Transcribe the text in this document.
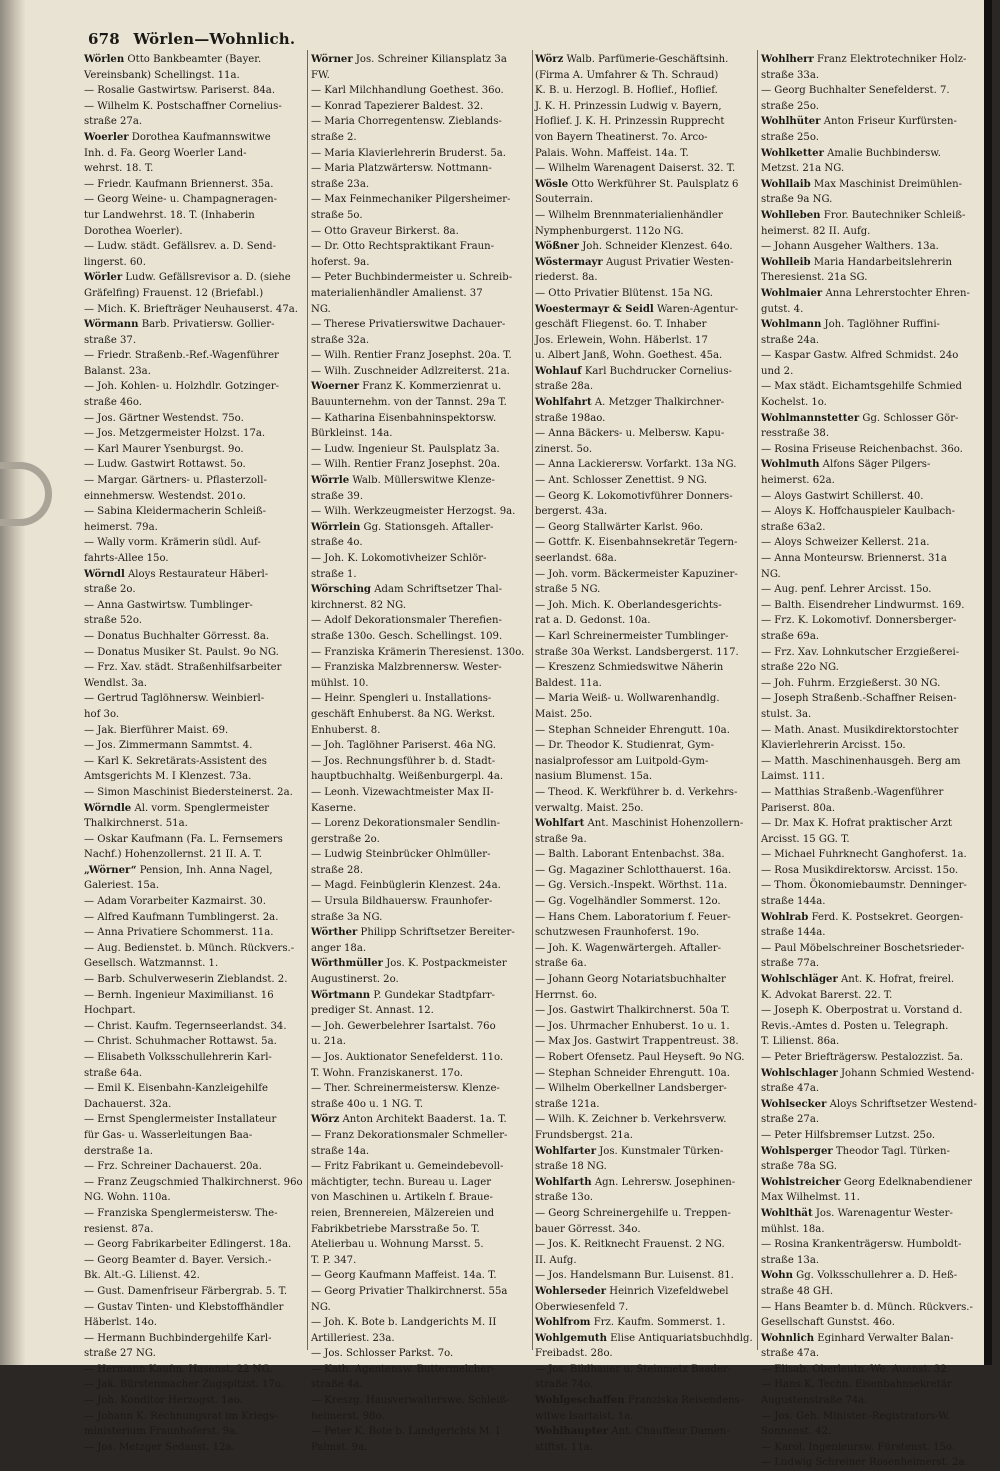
678 Wörlen—Wohnlich.

Wörlen Otto Bankbeamter (Bayer.

Vereinsbank) Schellingst. 11a.

— Rosalie Gastwirtsw. Pariserst. 84a.

— Wilhelm K. Postschaffner Cornelius-

straße 27a.

Woerler Dorothea Kaufmannswitwe

Inh. d. Fa. Georg Woerler Land-

wehrst. 18. T.

— Friedr. Kaufmann Briennerst. 35a.

— Georg Weine- u. Champagneragen-

tur Landwehrst. 18. T. (Inhaberin

Dorothea Woerler).

— Ludw. städt. Gefällsrev. a. D. Send-

lingerst. 60.

Wörler Ludw. Gefällsrevisor a. D. (siehe

Gräfelfing) Frauenst. 12 (Briefabl.)

— Mich. K. Briefträger Neuhauserst. 47a.

Wörmann Barb. Privatiersw. Gollier-

straße 37.

— Friedr. Straßenb.-Ref.-Wagenführer

Balanst. 23a.

— Joh. Kohlen- u. Holzhdlr. Gotzinger-

straße 46o.

— Jos. Gärtner Westendst. 75o.

— Jos. Metzgermeister Holzst. 17a.

— Karl Maurer Ysenburgst. 9o.

— Ludw. Gastwirt Rottawst. 5o.

— Margar. Gärtners- u. Pflasterzoll-

einnehmersw. Westendst. 201o.

— Sabina Kleidermacherin Schleiß-

heimerst. 79a.

— Wally vorm. Krämerin südl. Auf-

fahrts-Allee 15o.

Wörndl Aloys Restaurateur Häberl-

straße 2o.

— Anna Gastwirtsw. Tumblinger-

straße 52o.

— Donatus Buchhalter Görresst. 8a.

— Donatus Musiker St. Paulst. 9o NG.

— Frz. Xav. städt. Straßenhilfsarbeiter

Wendlst. 3a.

— Gertrud Taglöhnersw. Weinbierl-

hof 3o.

— Jak. Bierführer Maist. 69.

— Jos. Zimmermann Sammtst. 4.

— Karl K. Sekretärats-Assistent des

Amtsgerichts M. I Klenzest. 73a.

— Simon Maschinist Biedersteinerst. 2a.

Wörndle Al. vorm. Spenglermeister

Thalkirchnerst. 51a.

— Oskar Kaufmann (Fa. L. Fernsemers

Nachf.) Hohenzollernst. 21 II. A. T.

„Wörner“ Pension, Inh. Anna Nagel,

Galeriest. 15a.

— Adam Vorarbeiter Kazmairst. 30.

— Alfred Kaufmann Tumblingerst. 2a.

— Anna Privatiere Schommerst. 11a.

— Aug. Bedienstet. b. Münch. Rückvers.-

Gesellsch. Watzmannst. 1.

— Barb. Schulverweserin Zieblandst. 2.

— Bernh. Ingenieur Maximilianst. 16

Hochpart.

— Christ. Kaufm. Tegernseerlandst. 34.

— Christ. Schuhmacher Rottawst. 5a.

— Elisabeth Volksschullehrerin Karl-

straße 64a.

— Emil K. Eisenbahn-Kanzleigehilfe

Dachauerst. 32a.

— Ernst Spenglermeister Installateur

für Gas- u. Wasserleitungen Baa-

derstraße 1a.

— Frz. Schreiner Dachauerst. 20a.

— Franz Zeugschmied Thalkirchnerst. 96o

NG. Wohn. 110a.

— Franziska Spenglermeistersw. The-

resienst. 87a.

— Georg Fabrikarbeiter Edlingerst. 18a.

— Georg Beamter d. Bayer. Versich.-

Bk. Alt.-G. Lilienst. 42.

— Gust. Damenfriseur Färbergrab. 5. T.

— Gustav Tinten- und Klebstoffhändler

Häberlst. 14o.

— Hermann Buchbindergehilfe Karl-

straße 27 NG.

— Hermann Kaufm. Hasenst. 22 NG.

— Jak. Bürstenmacher Zugspitzst. 17o.

— Joh. Konditor Herzogst. 1ao.

— Johann K. Rechnungsrat im Kriegs-

ministerium Fraunhoferst. 9a.

— Jos. Metzger Sedanst. 12a.

Wörner Jos. Schreiner Kiliansplatz 3a

FW.

— Karl Milchhandlung Goethest. 36o.

— Konrad Tapezierer Baldest. 32.

— Maria Chorregentensw. Zieblands-

straße 2.

— Maria Klavierlehrerin Bruderst. 5a.

— Maria Platzwärtersw. Nottmann-

straße 23a.

— Max Feinmechaniker Pilgersheimer-

straße 5o.

— Otto Graveur Birkerst. 8a.

— Dr. Otto Rechtspraktikant Fraun-

hoferst. 9a.

— Peter Buchbindermeister u. Schreib-

materialienhändler Amalienst. 37

NG.

— Therese Privatierswitwe Dachauer-

straße 32a.

— Wilh. Rentier Franz Josephst. 20a. T.

— Wilh. Zuschneider Adlzreiterst. 21a.

Woerner Franz K. Kommerzienrat u.

Bauunternehm. von der Tannst. 29a T.

— Katharina Eisenbahninspektorsw.

Bürkleinst. 14a.

— Ludw. Ingenieur St. Paulsplatz 3a.

— Wilh. Rentier Franz Josephst. 20a.

Wörrle Walb. Müllerswitwe Klenze-

straße 39.

— Wilh. Werkzeugmeister Herzogst. 9a.

Wörrlein Gg. Stationsgeh. Aftaller-

straße 4o.

— Joh. K. Lokomotivheizer Schlör-

straße 1.

Wörsching Adam Schriftsetzer Thal-

kirchnerst. 82 NG.

— Adolf Dekorationsmaler Therefien-

straße 130o. Gesch. Schellingst. 109.

— Franziska Krämerin Theresienst. 130o.

— Franziska Malzbrennersw. Wester-

mühlst. 10.

— Heinr. Spengleri u. Installations-

geschäft Enhuberst. 8a NG. Werkst.

Enhuberst. 8.

— Joh. Taglöhner Pariserst. 46a NG.

— Jos. Rechnungsführer b. d. Stadt-

hauptbuchhaltg. Weißenburgerpl. 4a.

— Leonh. Vizewachtmeister Max II-

Kaserne.

— Lorenz Dekorationsmaler Sendlin-

gerstraße 2o.

— Ludwig Steinbrücker Ohlmüller-

straße 28.

— Magd. Feinbüglerin Klenzest. 24a.

— Ursula Bildhauersw. Fraunhofer-

straße 3a NG.

Wörther Philipp Schriftsetzer Bereiter-

anger 18a.

Wörthmüller Jos. K. Postpackmeister

Augustinerst. 2o.

Wörtmann P. Gundekar Stadtpfarr-

prediger St. Annast. 12.

— Joh. Gewerbelehrer Isartalst. 76o

u. 21a.

— Jos. Auktionator Senefelderst. 11o.

T. Wohn. Franziskanerst. 17o.

— Ther. Schreinermeistersw. Klenze-

straße 40o u. 1 NG. T.

Wörz Anton Architekt Baaderst. 1a. T.

— Franz Dekorationsmaler Schmeller-

straße 14a.

— Fritz Fabrikant u. Gemeindebevoll-

mächtigter, techn. Bureau u. Lager

von Maschinen u. Artikeln f. Braue-

reien, Brennereien, Mälzereien und

Fabrikbetriebe Marsstraße 5o. T.

Atelierbau u. Wohnung Marsst. 5.

T. P. 347.

— Georg Kaufmann Maffeist. 14a. T.

— Georg Privatier Thalkirchnerst. 55a

NG.

— Joh. K. Bote b. Landgerichts M. II

Artilleriest. 23a.

— Jos. Schlosser Parkst. 7o.

— Kath. Agentensw. Buttermelcher-

straße 4a.

— Kreszg. Hausverwalterswe. Schleiß-

heimerst. 98o.

— Peter K. Bote b. Landgerichts M. I

Palmst. 9a.

Wörz Walb. Parfümerie-Geschäftsinh.

(Firma A. Umfahrer & Th. Schraud)

K. B. u. Herzogl. B. Hoflief., Hoflief.

J. K. H. Prinzessin Ludwig v. Bayern,

Hoflief. J. K. H. Prinzessin Rupprecht

von Bayern Theatinerst. 7o. Arco-

Palais. Wohn. Maffeist. 14a. T.

— Wilhelm Warenagent Daiserst. 32. T.

Wösle Otto Werkführer St. Paulsplatz 6

Souterrain.

— Wilhelm Brennmaterialienhändler

Nymphenburgerst. 112o NG.

Wößner Joh. Schneider Klenzest. 64o.

Wöstermayr August Privatier Westen-

riederst. 8a.

— Otto Privatier Blütenst. 15a NG.

Woestermayr & Seidl Waren-Agentur-

geschäft Fliegenst. 6o. T. Inhaber

Jos. Erlewein, Wohn. Häberlst. 17

u. Albert Janß, Wohn. Goethest. 45a.

Wohlauf Karl Buchdrucker Cornelius-

straße 28a.

Wohlfahrt A. Metzger Thalkirchner-

straße 198ao.

— Anna Bäckers- u. Melbersw. Kapu-

zinerst. 5o.

— Anna Lackierersw. Vorfarkt. 13a NG.

— Ant. Schlosser Zenettist. 9 NG.

— Georg K. Lokomotivführer Donners-

bergerst. 43a.

— Georg Stallwärter Karlst. 96o.

— Gottfr. K. Eisenbahnsekretär Tegern-

seerlandst. 68a.

— Joh. vorm. Bäckermeister Kapuziner-

straße 5 NG.

— Joh. Mich. K. Oberlandesgerichts-

rat a. D. Gedonst. 10a.

— Karl Schreinermeister Tumblinger-

straße 30a Werkst. Landsbergerst. 117.

— Kreszenz Schmiedswitwe Näherin

Baldest. 11a.

— Maria Weiß- u. Wollwarenhandlg.

Maist. 25o.

— Stephan Schneider Ehrengutt. 10a.

— Dr. Theodor K. Studienrat, Gym-

nasialprofessor am Luitpold-Gym-

nasium Blumenst. 15a.

— Theod. K. Werkführer b. d. Verkehrs-

verwaltg. Maist. 25o.

Wohlfart Ant. Maschinist Hohenzollern-

straße 9a.

— Balth. Laborant Entenbachst. 38a.

— Gg. Magaziner Schlotthauerst. 16a.

— Gg. Versich.-Inspekt. Wörthst. 11a.

— Gg. Vogelhändler Sommerst. 12o.

— Hans Chem. Laboratorium f. Feuer-

schutzwesen Fraunhoferst. 19o.

— Joh. K. Wagenwärtergeh. Aftaller-

straße 6a.

— Johann Georg Notariatsbuchhalter

Herrnst. 6o.

— Jos. Gastwirt Thalkirchnerst. 50a T.

— Jos. Uhrmacher Enhuberst. 1o u. 1.

— Max Jos. Gastwirt Trappentreust. 38.

— Robert Ofensetz. Paul Heyseft. 9o NG.

— Stephan Schneider Ehrengutt. 10a.

— Wilhelm Oberkellner Landsberger-

straße 121a.

— Wilh. K. Zeichner b. Verkehrsverw.

Frundsbergst. 21a.

Wohlfarter Jos. Kunstmaler Türken-

straße 18 NG.

Wohlfarth Agn. Lehrersw. Josephinen-

straße 13o.

— Georg Schreinergehilfe u. Treppen-

bauer Görresst. 34o.

— Jos. K. Reitknecht Frauenst. 2 NG.

II. Aufg.

— Jos. Handelsmann Bur. Luisenst. 81.

Wohlerseder Heinrich Vizefeldwebel

Oberwiesenfeld 7.

Wohlfrom Frz. Kaufm. Sommerst. 1.

Wohlgemuth Elise Antiquariatsbuchhdlg.

Freibadst. 28o.

— Jos. Bildhauer u. Steinmetz Baader-

straße 74o.

Wohlgeschaffen Franziska Reisendens-

witwe Isartalst. 1a.

Wohlhaupter Ant. Chauffeur Damen-

stiftst. 11a.

Wohlherr Franz Elektrotechniker Holz-

straße 33a.

— Georg Buchhalter Senefelderst. 7.

straße 25o.

Wohlhüter Anton Friseur Kurfürsten-

straße 25o.

Wohlketter Amalie Buchbindersw.

Metzst. 21a NG.

Wohllaib Max Maschinist Dreimühlen-

straße 9a NG.

Wohlleben Fror. Bautechniker Schleiß-

heimerst. 82 II. Aufg.

— Johann Ausgeher Walthers. 13a.

Wohlleib Maria Handarbeitslehrerin

Theresienst. 21a SG.

Wohlmaier Anna Lehrerstochter Ehren-

gutst. 4.

Wohlmann Joh. Taglöhner Ruffini-

straße 24a.

— Kaspar Gastw. Alfred Schmidst. 24o

und 2.

— Max städt. Eichamtsgehilfe Schmied

Kochelst. 1o.

Wohlmannstetter Gg. Schlosser Gör-

resstraße 38.

— Rosina Friseuse Reichenbachst. 36o.

Wohlmuth Alfons Säger Pilgers-

heimerst. 62a.

— Aloys Gastwirt Schillerst. 40.

— Aloys K. Hoffchauspieler Kaulbach-

straße 63a2.

— Aloys Schweizer Kellerst. 21a.

— Anna Monteursw. Briennerst. 31a

NG.

— Aug. penf. Lehrer Arcisst. 15o.

— Balth. Eisendreher Lindwurmst. 169.

— Frz. K. Lokomotivf. Donnersberger-

straße 69a.

— Frz. Xav. Lohnkutscher Erzgießerei-

straße 22o NG.

— Joh. Fuhrm. Erzgießerst. 30 NG.

— Joseph Straßenb.-Schaffner Reisen-

stulst. 3a.

— Math. Anast. Musikdirektorstochter

Klavierlehrerin Arcisst. 15o.

— Matth. Maschinenhausgeh. Berg am

Laimst. 111.

— Matthias Straßenb.-Wagenführer

Pariserst. 80a.

— Dr. Max K. Hofrat praktischer Arzt

Arcisst. 15 GG. T.

— Michael Fuhrknecht Ganghoferst. 1a.

— Rosa Musikdirektorsw. Arcisst. 15o.

— Thom. Ökonomiebaumstr. Denninger-

straße 144a.

Wohlrab Ferd. K. Postsekret. Georgen-

straße 144a.

— Paul Möbelschreiner Boschetsrieder-

straße 77a.

Wohlschläger Ant. K. Hofrat, freirel.

K. Advokat Barerst. 22. T.

— Joseph K. Oberpostrat u. Vorstand d.

Revis.-Amtes d. Posten u. Telegraph.

T. Lilienst. 86a.

— Peter Briefträgersw. Pestalozzist. 5a.

Wohlschlager Johann Schmied Westend-

straße 47a.

Wohlsecker Aloys Schriftsetzer Westend-

straße 27a.

— Peter Hilfsbremser Lutzst. 25o.

Wohlsperger Theodor Tagl. Türken-

straße 78a SG.

Wohlstreicher Georg Edelknabendiener

Max Wilhelmst. 11.

Wohlthät Jos. Warenagentur Wester-

mühlst. 18a.

— Rosina Krankenträgersw. Humboldt-

straße 13a.

Wohn Gg. Volksschullehrer a. D. Heß-

straße 48 GH.

— Hans Beamter b. d. Münch. Rückvers.-

Gesellschaft Gunstst. 46o.

Wohnlich Eginhard Verwalter Balan-

straße 47a.

— Elisab. Oberleutn.-We. Auenst. 32.

— Hans K. Techn. Eisenbahnsekretär

Augustenstraße 74a.

— Jos. Geh. Minister.-Registrators-W.

Sonnenst. 42.

— Karol. Ingenieursw. Fürstenst. 15o.

— Ludwig Schreiner Rosenheimerst. 2a.
